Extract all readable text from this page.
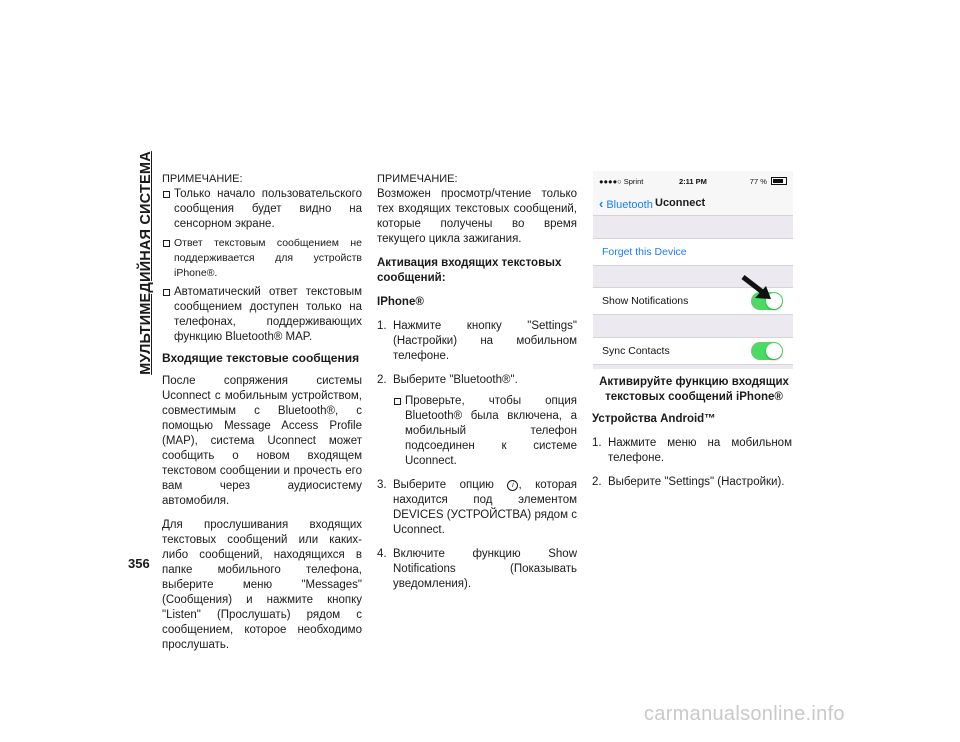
МУЛЬТИМЕДИЙНАЯ СИСТЕМА
356

ПРИМЕЧАНИЕ:

Только начало пользовательского сообщения будет видно на сенсорном экране.
Ответ текстовым сообщением не поддерживается для устройств iPhone®.
Автоматический ответ текстовым сообщением доступен только на телефонах, поддерживающих функцию Bluetooth® MAP.
Входящие текстовые сообщения

После сопряжения системы Uconnect с мобильным устройством, совместимым с Bluetooth®, с помощью Message Access Profile (MAP), система Uconnect может сообщить о новом входящем текстовом сообщении и прочесть его вам через аудиосистему автомобиля.

Для прослушивания входящих текстовых сообщений или каких-либо сообщений, находящихся в папке мобильного телефона, выберите меню "Messages" (Сообщения) и нажмите кнопку "Listen" (Прослушать) рядом с сообщением, которое необходимо прослушать.

ПРИМЕЧАНИЕ:

Возможен просмотр/чтение только тех входящих текстовых сообщений, которые получены во время текущего цикла зажигания.

Активация входящих текстовых сообщений:

IPhone®

1. Нажмите кнопку "Settings" (Настройки) на мобильном телефоне.
2. Выберите "Bluetooth®".
Проверьте, чтобы опция Bluetooth® была включена, а мобильный телефон подсоединен к системе Uconnect.
3. Выберите опцию	i , которая находится под элементом DEVICES (УСТРОЙСТВА) рядом с Uconnect.
4. Включите функцию Show Notifications (Показывать уведомления).
●●●●○ Sprint	2:11 PM	77 %
‹ Bluetooth Uconnect
Forget this Device
Show Notifications
Sync Contacts
Активируйте функцию входящих текстовых сообщений iPhone®

Устройства Android™

1. Нажмите меню на мобильном телефоне.
2. Выберите "Settings" (Настройки).
carmanualsonline.info
